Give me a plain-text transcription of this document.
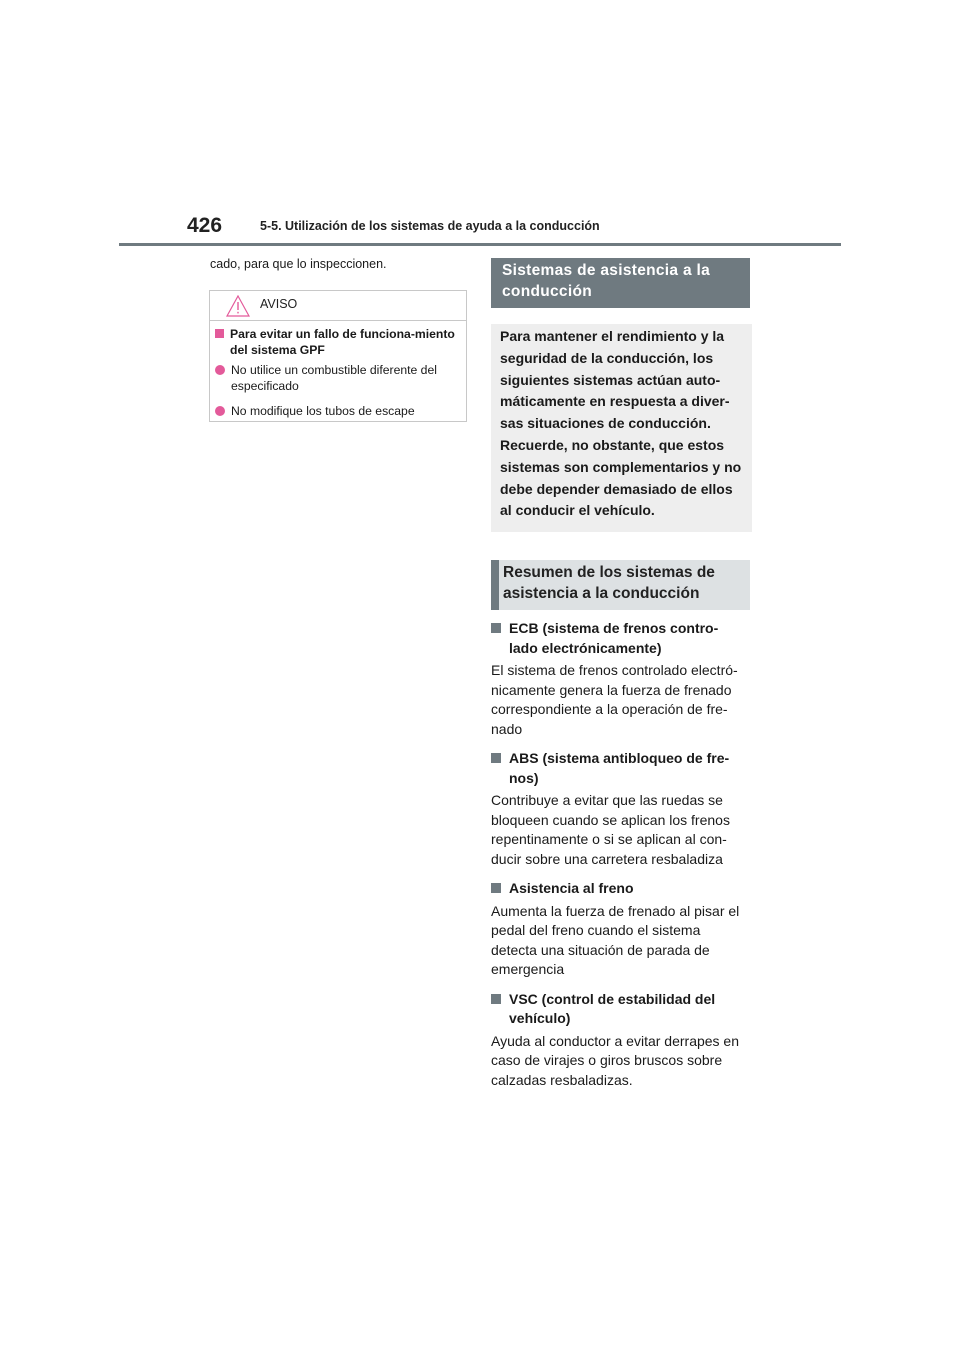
426	5-5. Utilización de los sistemas de ayuda a la conducción

cado, para que lo inspeccionen.

AVISO
Para evitar un fallo de funciona-miento del sistema GPF
No utilice un combustible diferente del especificado
No modifique los tubos de escape
Sistemas de asistencia a la conducción
Para mantener el rendimiento y la seguridad de la conducción, los siguientes sistemas actúan auto-máticamente en respuesta a diver-sas situaciones de conducción. Recuerde, no obstante, que estos sistemas son complementarios y no debe depender demasiado de ellos al conducir el vehículo.
Resumen de los sistemas de asistencia a la conducción
ECB (sistema de frenos contro-lado electrónicamente)

El sistema de frenos controlado electró-nicamente genera la fuerza de frenado correspondiente a la operación de fre-nado

ABS (sistema antibloqueo de fre-nos)

Contribuye a evitar que las ruedas se bloqueen cuando se aplican los frenos repentinamente o si se aplican al con-ducir sobre una carretera resbaladiza

Asistencia al freno

Aumenta la fuerza de frenado al pisar el pedal del freno cuando el sistema detecta una situación de parada de emergencia

VSC (control de estabilidad del vehículo)

Ayuda al conductor a evitar derrapes en caso de virajes o giros bruscos sobre calzadas resbaladizas.
